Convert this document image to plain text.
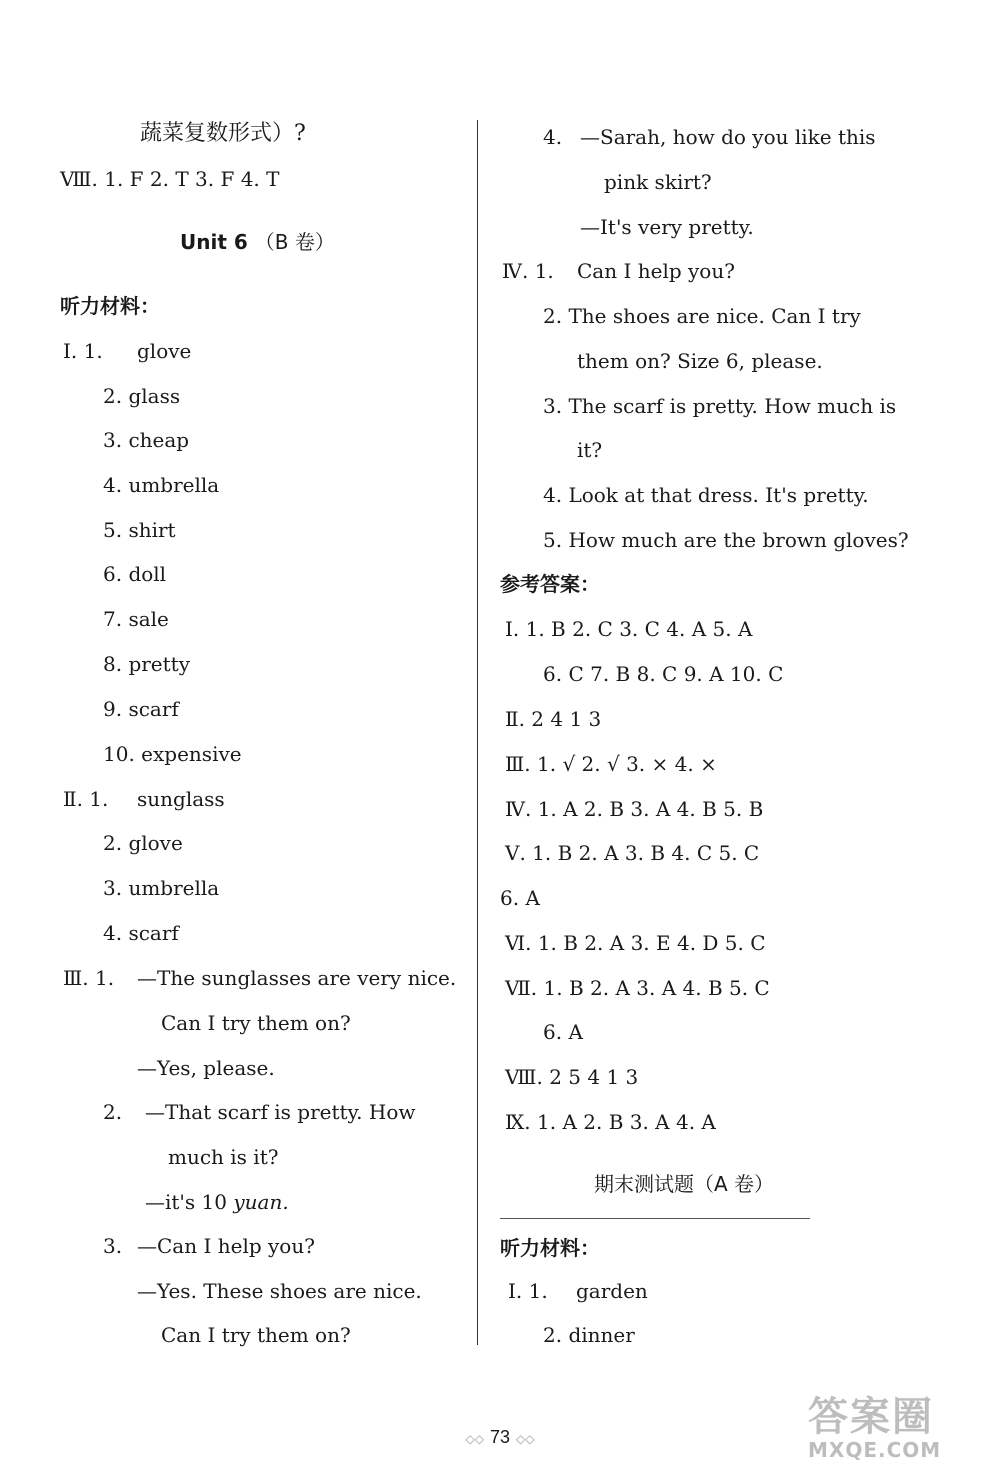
蔬菜复数形式）?
Ⅷ. 1. F 2. T 3. F 4. T
Unit 6 （B 卷）
听力材料：
Ⅰ. 1. glove
2. glass
3. cheap
4. umbrella
5. shirt
6. doll
7. sale
8. pretty
9. scarf
10. expensive
Ⅱ. 1. sunglass
2. glove
3. umbrella
4. scarf
Ⅲ. 1. —The sunglasses are very nice.
Can I try them on?
—Yes, please.
2. —That scarf is pretty. How
much is it?
—it's 10 yuan.
3. —Can I help you?
—Yes. These shoes are nice.
Can I try them on?
4. —Sarah, how do you like this
pink skirt?
—It's very pretty.
Ⅳ. 1. Can I help you?
2. The shoes are nice. Can I try
them on? Size 6, please.
3. The scarf is pretty. How much is
it?
4. Look at that dress. It's pretty.
5. How much are the brown gloves?
参考答案：
Ⅰ. 1. B 2. C 3. C 4. A 5. A
6. C 7. B 8. C 9. A 10. C
Ⅱ. 2 4 1 3
Ⅲ. 1. √ 2. √ 3. × 4. ×
Ⅳ. 1. A 2. B 3. A 4. B 5. B
Ⅴ. 1. B 2. A 3. B 4. C 5. C
6. A
Ⅵ. 1. B 2. A 3. E 4. D 5. C
Ⅶ. 1. B 2. A 3. A 4. B 5. C
6. A
Ⅷ. 2 5 4 1 3
Ⅸ. 1. A 2. B 3. A 4. A
期末测试题（A 卷）
听力材料：
Ⅰ. 1. garden
2. dinner
◇◇ 73 ◇◇	答案圈
MXQE.COM
